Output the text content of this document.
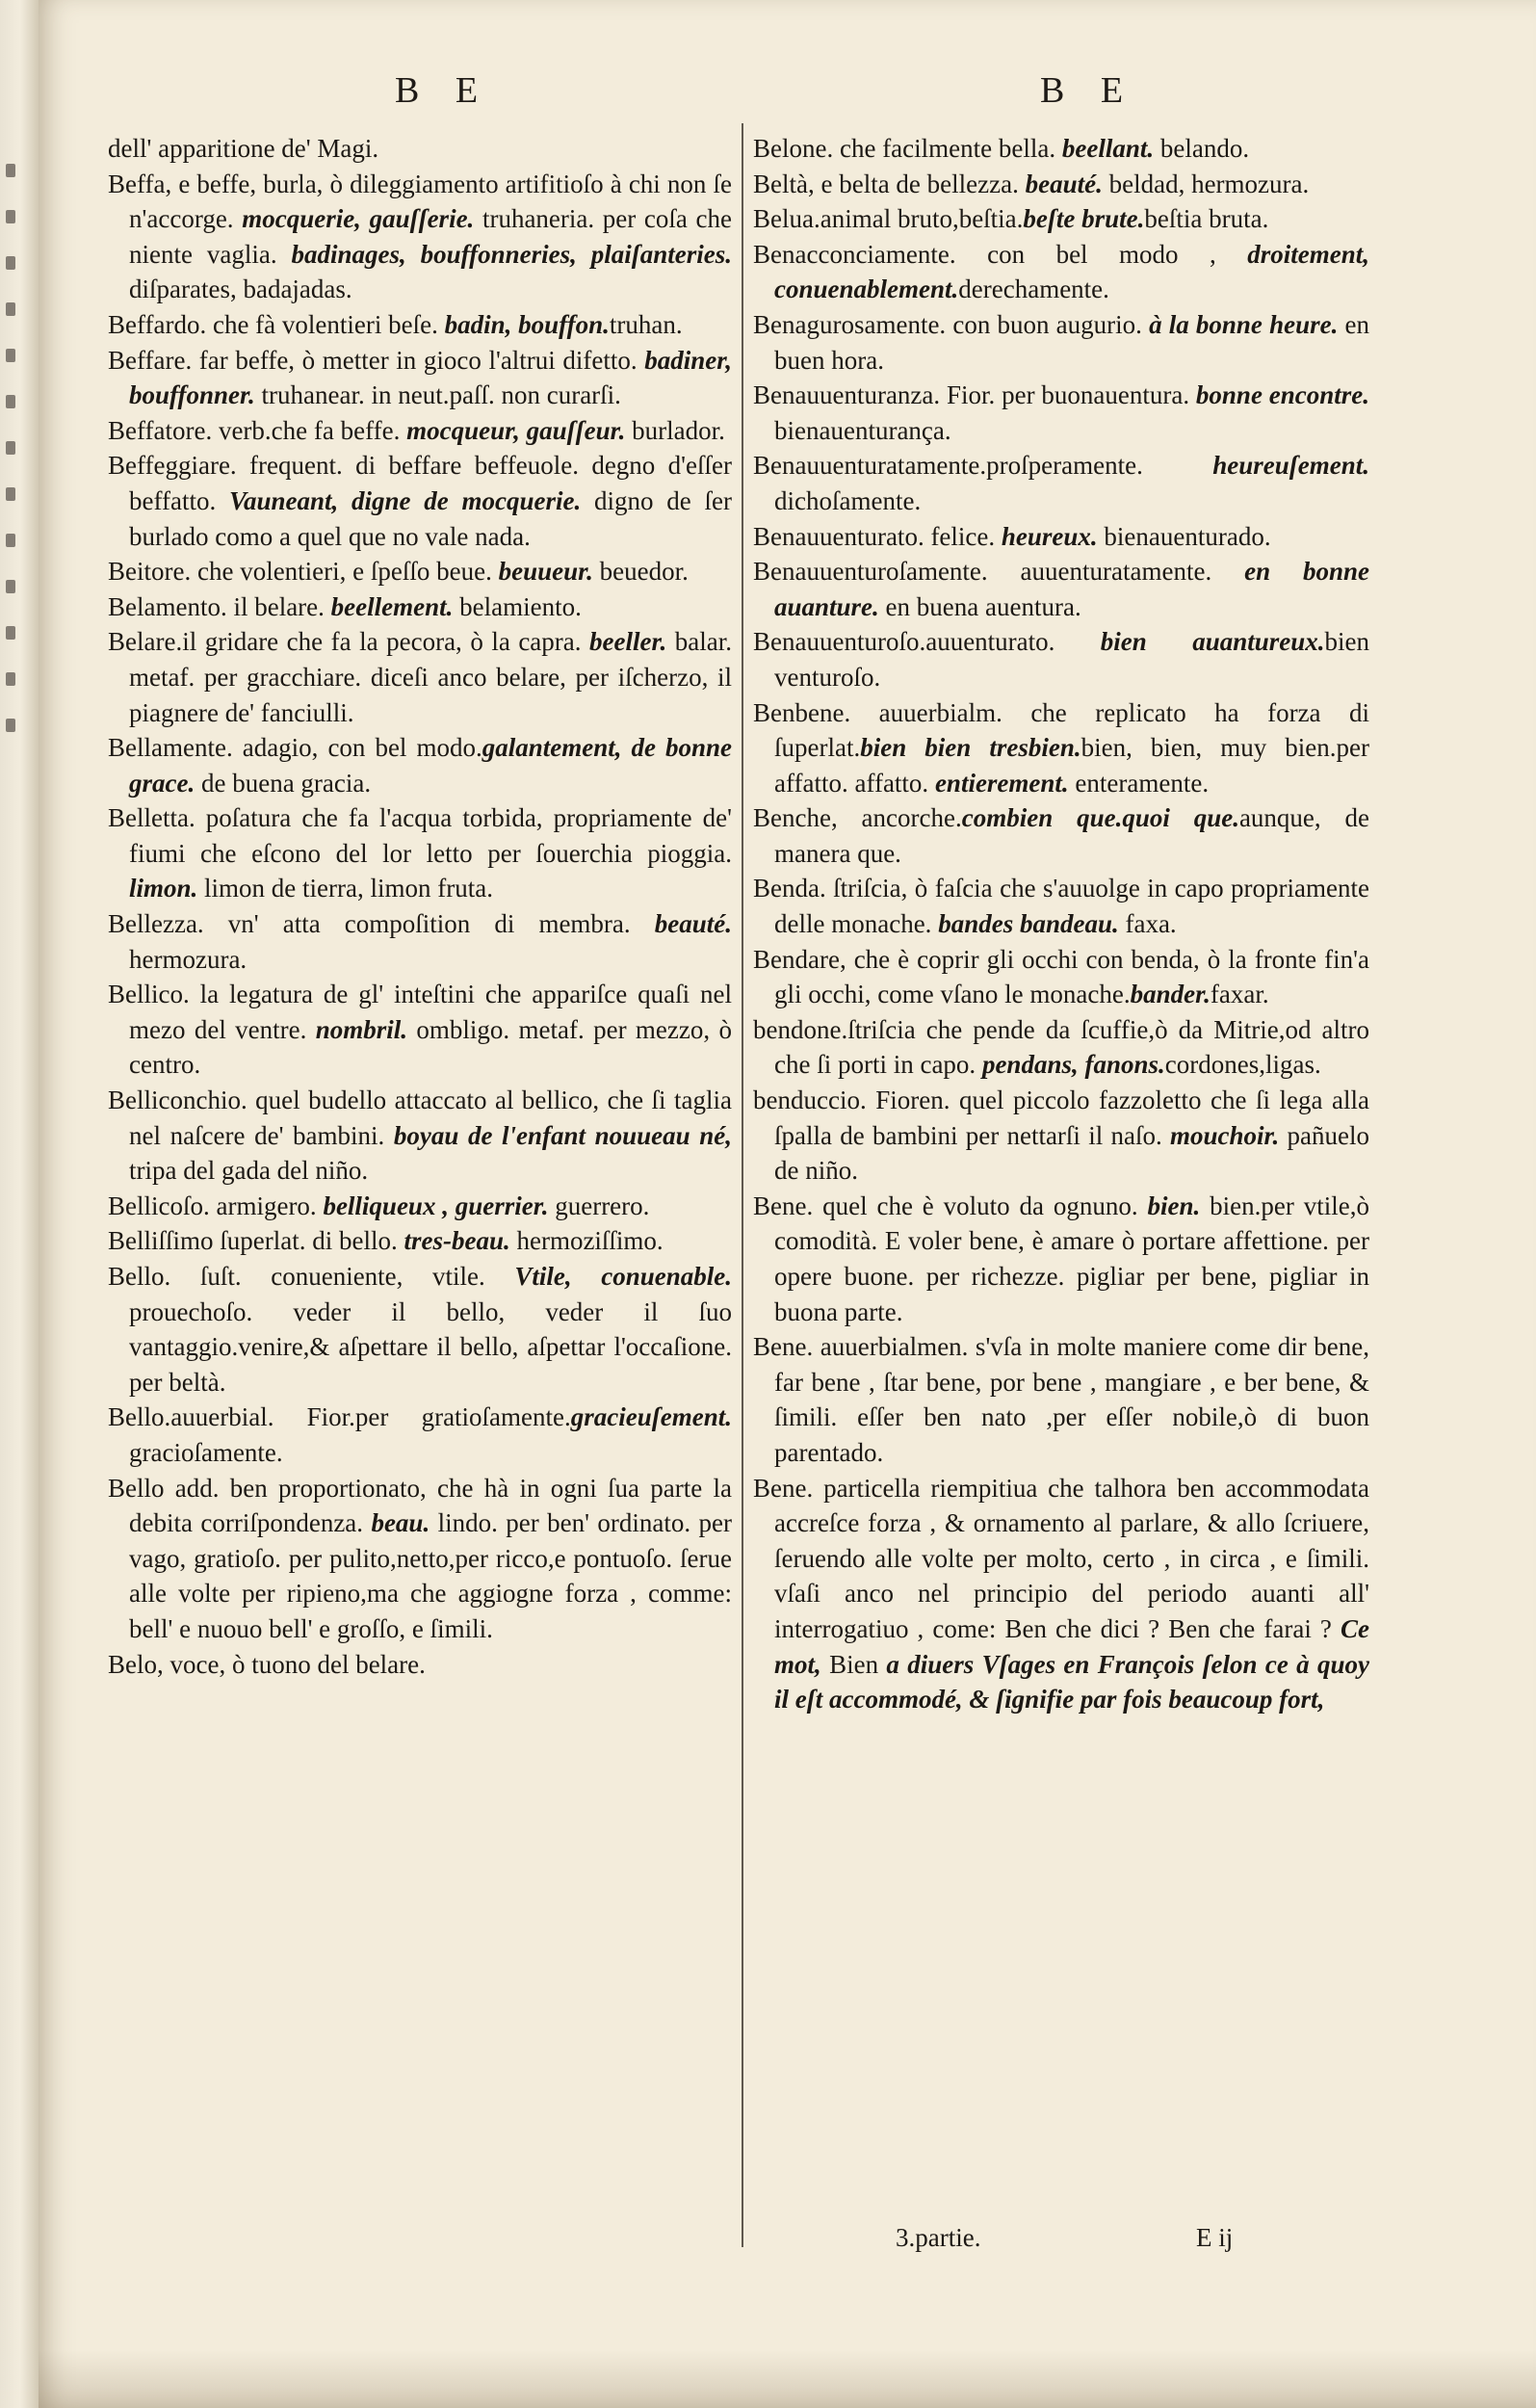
B E	B E

dell' apparitione de' Magi.

Beffa, e beffe, burla, ò dileggiamento artifitioſo à chi non ſe n'accorge. mocquerie, gauſſerie. truhaneria. per coſa che niente vaglia. badinages, bouffonneries, plaiſanteries. diſparates, badajadas.

Beffardo. che fà volentieri beſe. badin, bouffon.truhan.

Beffare. far beffe, ò metter in gioco l'altrui difetto. badiner, bouffonner. truhanear. in neut.paſſ. non curarſi.

Beffatore. verb.che fa beffe. mocqueur, gauſſeur. burlador.

Beffeggiare. frequent. di beffare beffeuole. degno d'eſſer beffatto. Vauneant, digne de mocquerie. digno de ſer burlado como a quel que no vale nada.

Beitore. che volentieri, e ſpeſſo beue. beuueur. beuedor.

Belamento. il belare. beellement. belamiento.

Belare.il gridare che fa la pecora, ò la capra. beeller. balar. metaf. per gracchiare. diceſi anco belare, per iſcherzo, il piagnere de' fanciulli.

Bellamente. adagio, con bel modo.galantement, de bonne grace. de buena gracia.

Belletta. poſatura che fa l'acqua torbida, propriamente de' fiumi che eſcono del lor letto per ſouerchia pioggia. limon. limon de tierra, limon fruta.

Bellezza. vn' atta compoſition di membra. beauté. hermozura.

Bellico. la legatura de gl' inteſtini che appariſce quaſi nel mezo del ventre. nombril. ombligo. metaf. per mezzo, ò centro.

Belliconchio. quel budello attaccato al bellico, che ſi taglia nel naſcere de' bambini. boyau de l'enfant nouueau né, tripa del gada del niño.

Bellicoſo. armigero. belliqueux , guerrier. guerrero.

Belliſſimo ſuperlat. di bello. tres-beau. hermoziſſimo.

Bello. ſuſt. conueniente, vtile. Vtile, conuenable. prouechoſo. veder il bello, veder il ſuo vantaggio.venire,& aſpettare il bello, aſpettar l'occaſione. per beltà.

Bello.auuerbial. Fior.per gratioſamente.gracieuſement. gracioſamente.

Bello add. ben proportionato, che hà in ogni ſua parte la debita corriſpondenza. beau. lindo. per ben' ordinato. per vago, gratioſo. per pulito,netto,per ricco,e pontuoſo. ſerue alle volte per ripieno,ma che aggiogne forza , comme: bell' e nuouo bell' e groſſo, e ſimili.

Belo, voce, ò tuono del belare.

Belone. che facilmente bella. beellant. belando.

Beltà, e belta de bellezza. beauté. beldad, hermozura.

Belua.animal bruto,beſtia.beſte brute.beſtia bruta.

Benacconciamente. con bel modo , droitement, conuenablement.derechamente.

Benagurosamente. con buon augurio. à la bonne heure. en buen hora.

Benauuenturanza. Fior. per buonauentura. bonne encontre. bienauenturança.

Benauuenturatamente.proſperamente. heureuſement. dichoſamente.

Benauuenturato. felice. heureux. bienauenturado.

Benauuenturoſamente. auuenturatamente. en bonne auanture. en buena auentura.

Benauuenturoſo.auuenturato. bien auantureux.bien venturoſo.

Benbene. auuerbialm. che replicato ha forza di ſuperlat.bien bien tresbien.bien, bien, muy bien.per affatto. affatto. entierement. enteramente.

Benche, ancorche.combien que.quoi que.aunque, de manera que.

Benda. ſtriſcia, ò faſcia che s'auuolge in capo propriamente delle monache. bandes bandeau. faxa.

Bendare, che è coprir gli occhi con benda, ò la fronte fin'a gli occhi, come vſano le monache.bander.faxar.

bendone.ſtriſcia che pende da ſcuffie,ò da Mitrie,od altro che ſi porti in capo. pendans, fanons.cordones,ligas.

benduccio. Fioren. quel piccolo fazzoletto che ſi lega alla ſpalla de bambini per nettarſi il naſo. mouchoir. pañuelo de niño.

Bene. quel che è voluto da ognuno. bien. bien.per vtile,ò comodità. E voler bene, è amare ò portare affettione. per opere buone. per richezze. pigliar per bene, pigliar in buona parte.

Bene. auuerbialmen. s'vſa in molte maniere come dir bene, far bene , ſtar bene, por bene , mangiare , e ber bene, & ſimili. eſſer ben nato ,per eſſer nobile,ò di buon parentado.

Bene. particella riempitiua che talhora ben accommodata accreſce forza , & ornamento al parlare, & allo ſcriuere, ſeruendo alle volte per molto, certo , in circa , e ſimili. vſaſi anco nel principio del periodo auanti all' interrogatiuo , come: Ben che dici ? Ben che farai ? Ce mot, Bien a diuers Vſages en François ſelon ce à quoy il eſt accommodé, & ſignifie par fois beaucoup fort,

3.partie.	E ij
